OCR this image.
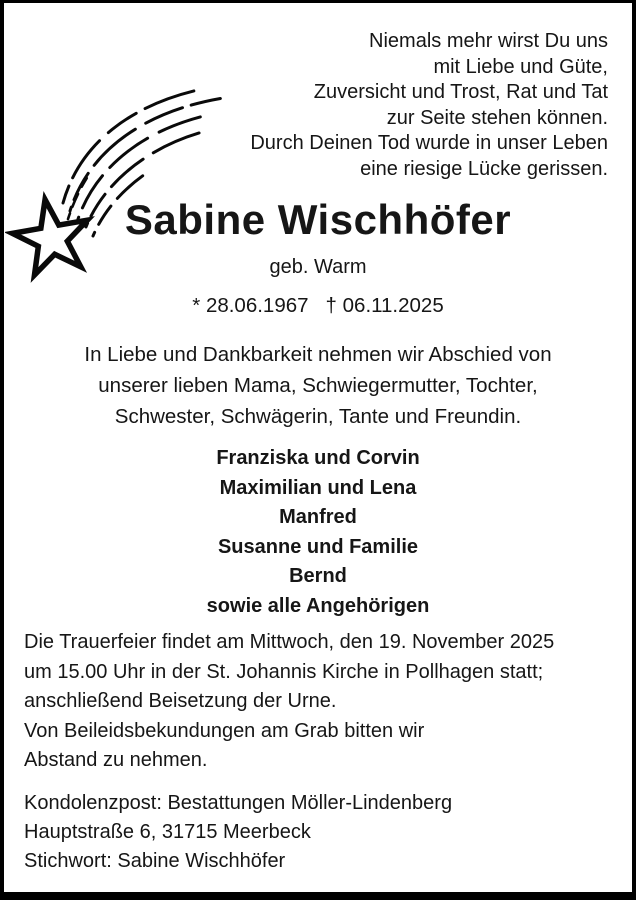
Niemals mehr wirst Du uns
mit Liebe und Güte,
Zuversicht und Trost, Rat und Tat
zur Seite stehen können.
Durch Deinen Tod wurde in unser Leben
eine riesige Lücke gerissen.
Sabine Wischhöfer
geb. Warm
* 28.06.1967 † 06.11.2025
In Liebe und Dankbarkeit nehmen wir Abschied von
unserer lieben Mama, Schwiegermutter, Tochter,
Schwester, Schwägerin, Tante und Freundin.
Franziska und Corvin
Maximilian und Lena
Manfred
Susanne und Familie
Bernd
sowie alle Angehörigen
Die Trauerfeier findet am Mittwoch, den 19. November 2025
um 15.00 Uhr in der St. Johannis Kirche in Pollhagen statt;
anschließend Beisetzung der Urne.
Von Beileidsbekundungen am Grab bitten wir
Abstand zu nehmen.
Kondolenzpost: Bestattungen Möller-Lindenberg
Hauptstraße 6, 31715 Meerbeck
Stichwort: Sabine Wischhöfer
